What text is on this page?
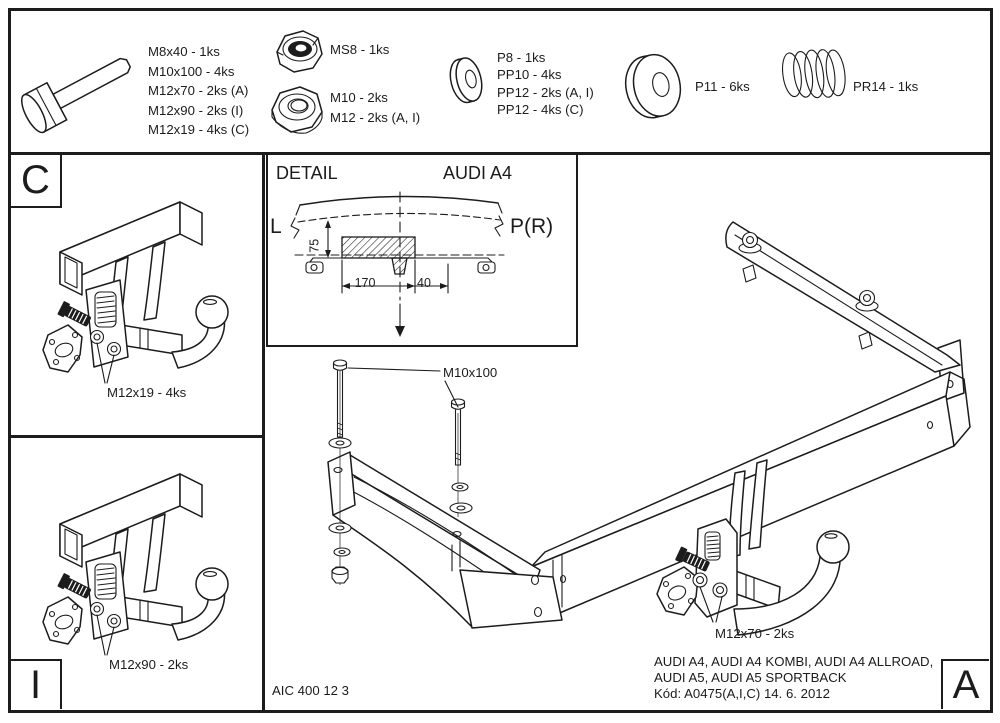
C
I	A
M8x40 - 1ks
M10x100 - 4ks
M12x70 - 2ks (A)
M12x90 - 2ks (I)
M12x19 - 4ks (C)
MS8 - 1ks
M10 - 2ks
M12 - 2ks (A, I)
P8 - 1ks
PP10 - 4ks
PP12 - 2ks (A, I)
PP12 - 4ks (C)
P11 - 6ks	PR14 - 1ks
M12x19 - 4ks
M12x90 - 2ks
DETAIL	AUDI A4
L	P(R)
75
170	40
M10x100
M12x70 - 2ks
AIC 400 12 3
AUDI A4, AUDI A4 KOMBI, AUDI A4 ALLROAD,
AUDI A5, AUDI A5 SPORTBACK
Kód: A0475(A,I,C) 14. 6. 2012
